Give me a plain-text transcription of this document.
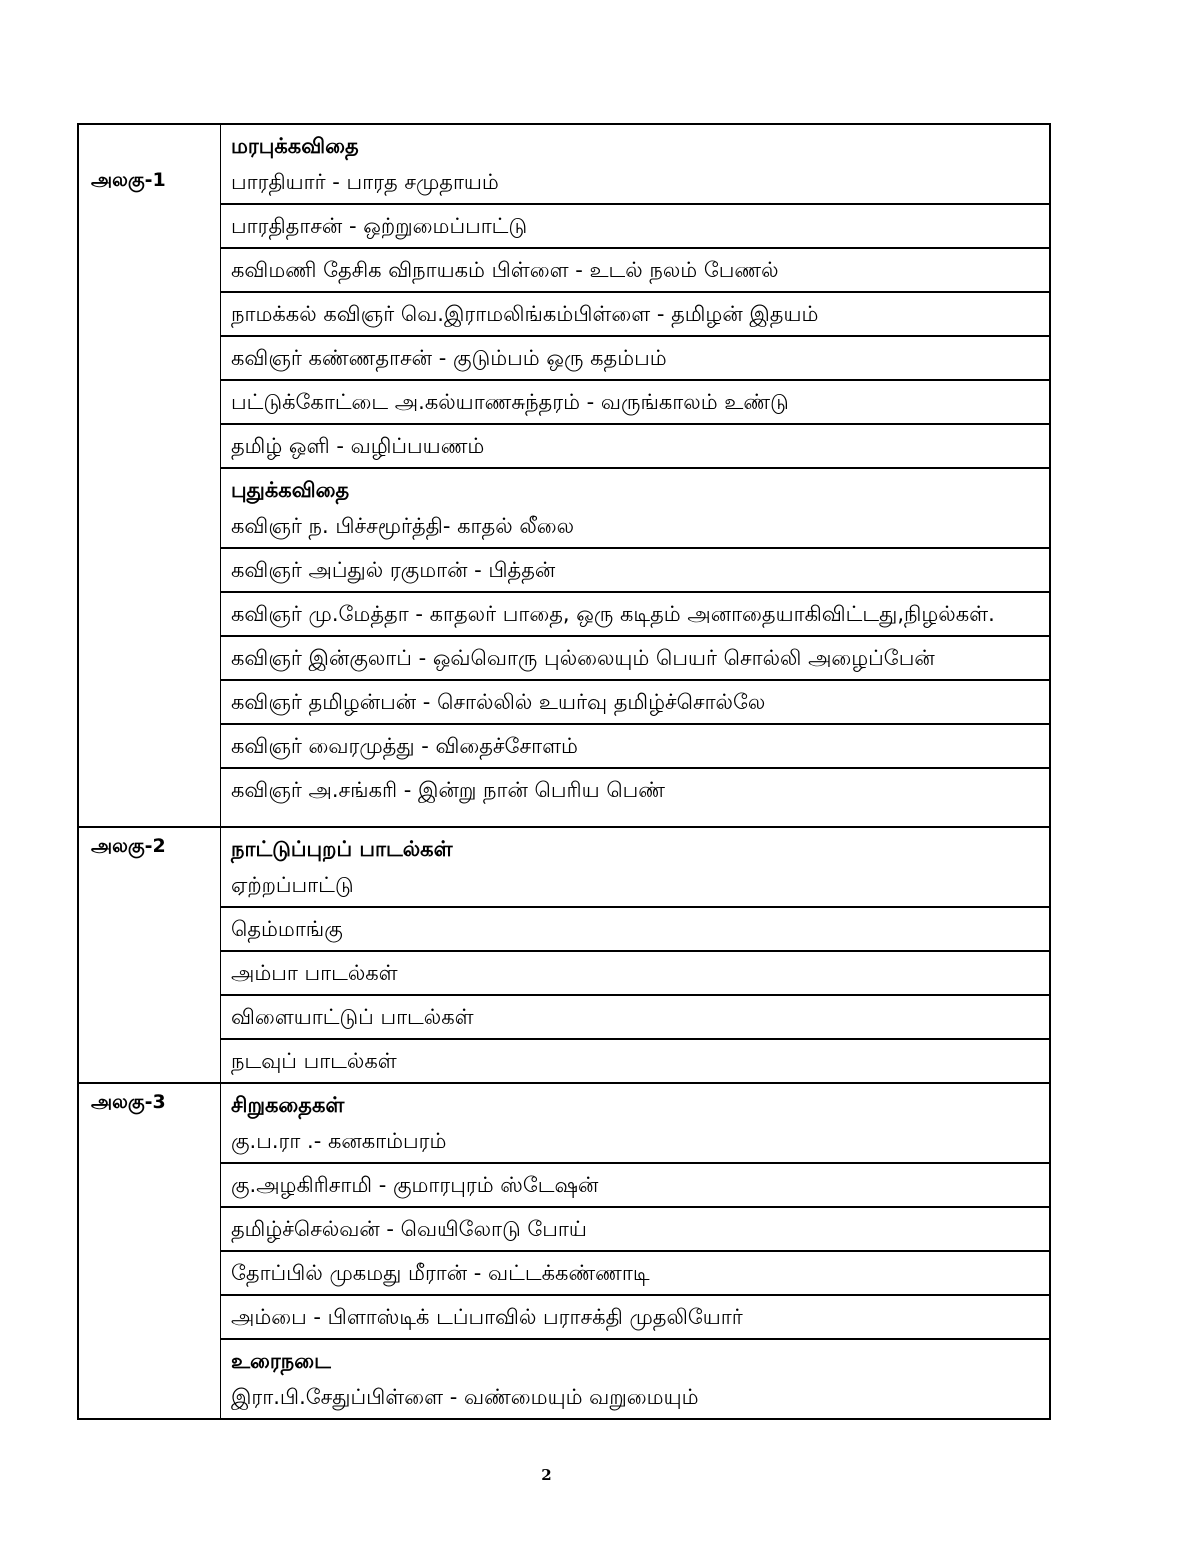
அலகு-1
மரபுக்கவிதை
பாரதியார் - பாரத சமுதாயம்
பாரதிதாசன் - ஒற்றுமைப்பாட்டு
கவிமணி தேசிக விநாயகம் பிள்ளை - உடல் நலம் பேணல்
நாமக்கல் கவிஞர் வெ.இராமலிங்கம்பிள்ளை - தமிழன் இதயம்
கவிஞர் கண்ணதாசன் - குடும்பம் ஒரு கதம்பம்
பட்டுக்கோட்டை அ.கல்யாணசுந்தரம் - வருங்காலம் உண்டு
தமிழ் ஒளி - வழிப்பயணம்
புதுக்கவிதை
கவிஞர் ந. பிச்சமூர்த்தி- காதல் லீலை
கவிஞர் அப்துல் ரகுமான் - பித்தன்
கவிஞர் மு.மேத்தா - காதலர் பாதை, ஒரு கடிதம் அனாதையாகிவிட்டது,நிழல்கள்.
கவிஞர் இன்குலாப் - ஒவ்வொரு புல்லையும் பெயர் சொல்லி அழைப்பேன்
கவிஞர் தமிழன்பன் - சொல்லில் உயர்வு தமிழ்ச்சொல்லே
கவிஞர் வைரமுத்து - விதைச்சோளம்
கவிஞர் அ.சங்கரி - இன்று நான் பெரிய பெண்
அலகு-2	நாட்டுப்புறப் பாடல்கள்
ஏற்றப்பாட்டு
தெம்மாங்கு
அம்பா பாடல்கள்
விளையாட்டுப் பாடல்கள்
நடவுப் பாடல்கள்
அலகு-3	சிறுகதைகள்
கு.ப.ரா .- கனகாம்பரம்
கு.அழகிரிசாமி - குமாரபுரம் ஸ்டேஷன்
தமிழ்ச்செல்வன் - வெயிலோடு போய்
தோப்பில் முகமது மீரான் - வட்டக்கண்ணாடி
அம்பை - பிளாஸ்டிக் டப்பாவில் பராசக்தி முதலியோர்
உரைநடை
இரா.பி.சேதுப்பிள்ளை - வண்மையும் வறுமையும்
2
